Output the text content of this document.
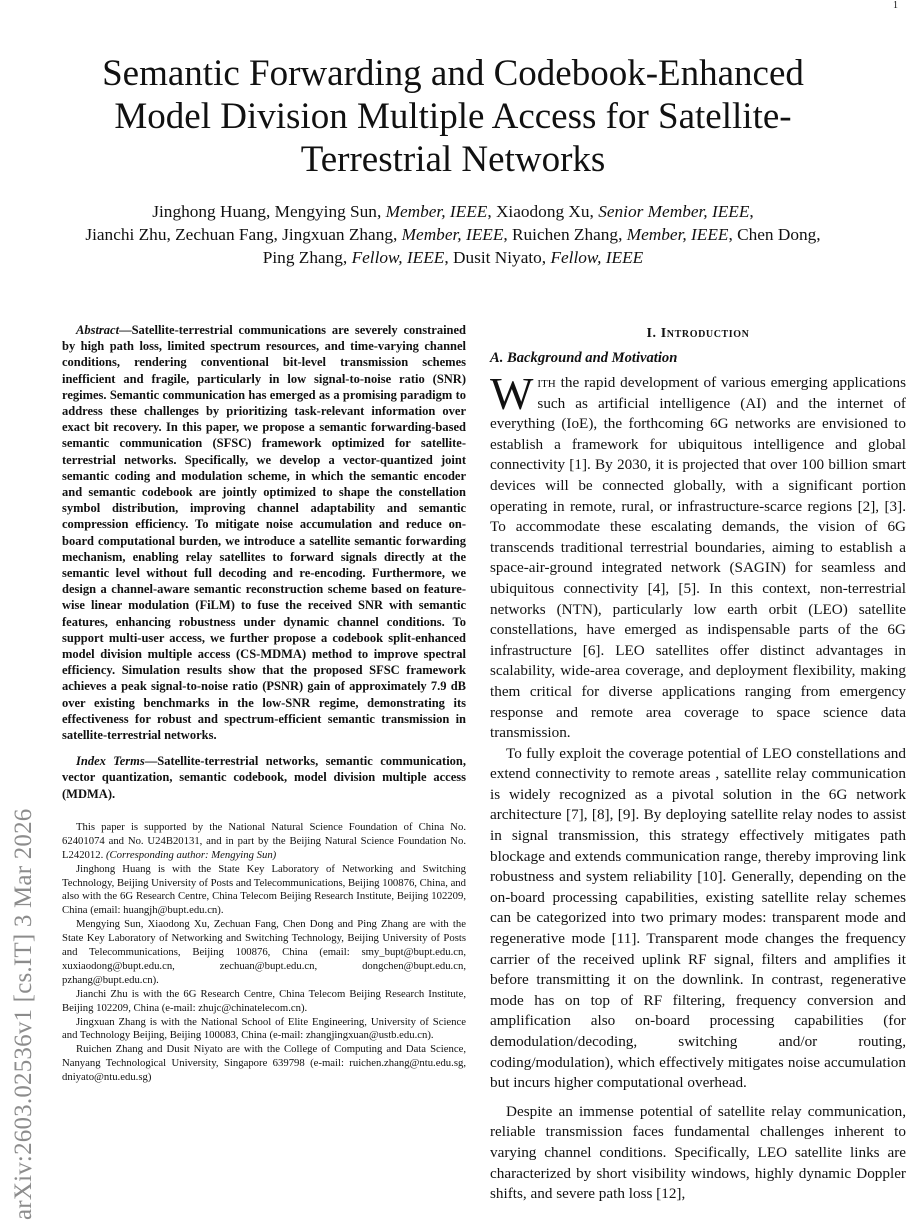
1
arXiv:2603.02536v1 [cs.IT] 3 Mar 2026
Semantic Forwarding and Codebook-Enhanced Model Division Multiple Access for Satellite-Terrestrial Networks

Jinghong Huang, Mengying Sun, Member, IEEE, Xiaodong Xu, Senior Member, IEEE,

Jianchi Zhu, Zechuan Fang, Jingxuan Zhang, Member, IEEE, Ruichen Zhang, Member, IEEE, Chen Dong,

Ping Zhang, Fellow, IEEE, Dusit Niyato, Fellow, IEEE

Abstract—Satellite-terrestrial communications are severely constrained by high path loss, limited spectrum resources, and time-varying channel conditions, rendering conventional bit-level transmission schemes inefficient and fragile, particularly in low signal-to-noise ratio (SNR) regimes. Semantic communication has emerged as a promising paradigm to address these challenges by prioritizing task-relevant information over exact bit recovery. In this paper, we propose a semantic forwarding-based semantic communication (SFSC) framework optimized for satellite-terrestrial networks. Specifically, we develop a vector-quantized joint semantic coding and modulation scheme, in which the semantic encoder and semantic codebook are jointly optimized to shape the constellation symbol distribution, improving channel adaptability and semantic compression efficiency. To mitigate noise accumulation and reduce on-board computational burden, we introduce a satellite semantic forwarding mechanism, enabling relay satellites to forward signals directly at the semantic level without full decoding and re-encoding. Furthermore, we design a channel-aware semantic reconstruction scheme based on feature-wise linear modulation (FiLM) to fuse the received SNR with semantic features, enhancing robustness under dynamic channel conditions. To support multi-user access, we further propose a codebook split-enhanced model division multiple access (CS-MDMA) method to improve spectral efficiency. Simulation results show that the proposed SFSC framework achieves a peak signal-to-noise ratio (PSNR) gain of approximately 7.9 dB over existing benchmarks in the low-SNR regime, demonstrating its effectiveness for robust and spectrum-efficient semantic transmission in satellite-terrestrial networks.

Index Terms—Satellite-terrestrial networks, semantic communication, vector quantization, semantic codebook, model division multiple access (MDMA).

This paper is supported by the National Natural Science Foundation of China No. 62401074 and No. U24B20131, and in part by the Beijing Natural Science Foundation No. L242012. (Corresponding author: Mengying Sun)

Jinghong Huang is with the State Key Laboratory of Networking and Switching Technology, Beijing University of Posts and Telecommunications, Beijing 100876, China, and also with the 6G Research Centre, China Telecom Beijing Research Institute, Beijing 102209, China (email: huangjh@bupt.edu.cn).

Mengying Sun, Xiaodong Xu, Zechuan Fang, Chen Dong and Ping Zhang are with the State Key Laboratory of Networking and Switching Technology, Beijing University of Posts and Telecommunications, Beijing 100876, China (email: smy_bupt@bupt.edu.cn, xuxiaodong@bupt.edu.cn, zechuan@bupt.edu.cn, dongchen@bupt.edu.cn, pzhang@bupt.edu.cn).

Jianchi Zhu is with the 6G Research Centre, China Telecom Beijing Research Institute, Beijing 102209, China (e-mail: zhujc@chinatelecom.cn).

Jingxuan Zhang is with the National School of Elite Engineering, University of Science and Technology Beijing, Beijing 100083, China (e-mail: zhangjingxuan@ustb.edu.cn).

Ruichen Zhang and Dusit Niyato are with the College of Computing and Data Science, Nanyang Technological University, Singapore 639798 (e-mail: ruichen.zhang@ntu.edu.sg, dniyato@ntu.edu.sg)

I. Introduction
A. Background and Motivation

With the rapid development of various emerging applications such as artificial intelligence (AI) and the internet of everything (IoE), the forthcoming 6G networks are envisioned to establish a framework for ubiquitous intelligence and global connectivity [1]. By 2030, it is projected that over 100 billion smart devices will be connected globally, with a significant portion operating in remote, rural, or infrastructure-scarce regions [2], [3]. To accommodate these escalating demands, the vision of 6G transcends traditional terrestrial boundaries, aiming to establish a space-air-ground integrated network (SAGIN) for seamless and ubiquitous connectivity [4], [5]. In this context, non-terrestrial networks (NTN), particularly low earth orbit (LEO) satellite constellations, have emerged as indispensable parts of the 6G infrastructure [6]. LEO satellites offer distinct advantages in scalability, wide-area coverage, and deployment flexibility, making them critical for diverse applications ranging from emergency response and remote area coverage to space science data transmission.

To fully exploit the coverage potential of LEO constellations and extend connectivity to remote areas , satellite relay communication is widely recognized as a pivotal solution in the 6G network architecture [7], [8], [9]. By deploying satellite relay nodes to assist in signal transmission, this strategy effectively mitigates path blockage and extends communication range, thereby improving link robustness and system reliability [10]. Generally, depending on the on-board processing capabilities, existing satellite relay schemes can be categorized into two primary modes: transparent mode and regenerative mode [11]. Transparent mode changes the frequency carrier of the received uplink RF signal, filters and amplifies it before transmitting it on the downlink. In contrast, regenerative mode has on top of RF filtering, frequency conversion and amplification also on-board processing capabilities (for demodulation/decoding, switching and/or routing, coding/modulation), which effectively mitigates noise accumulation but incurs higher computational overhead.

Despite an immense potential of satellite relay communication, reliable transmission faces fundamental challenges inherent to varying channel conditions. Specifically, LEO satellite links are characterized by short visibility windows, highly dynamic Doppler shifts, and severe path loss [12],
